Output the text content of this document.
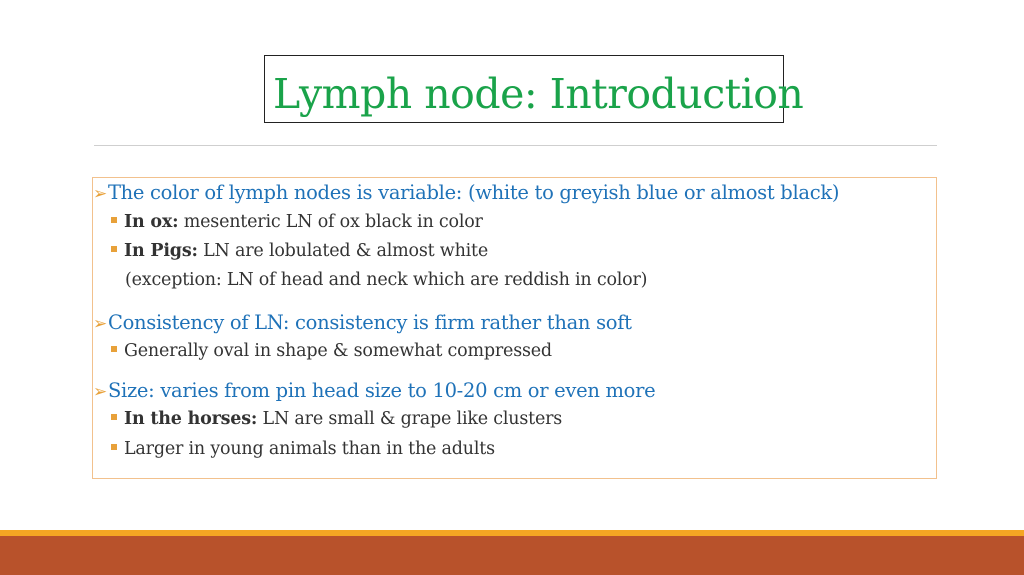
Lymph node: Introduction
➢The color of lymph nodes is variable: (white to greyish blue or almost black)
In ox: mesenteric LN of ox black in color
In Pigs: LN are lobulated & almost white
(exception: LN of head and neck which are reddish in color)
➢Consistency of LN: consistency is firm rather than soft
Generally oval in shape & somewhat compressed
➢Size: varies from pin head size to 10-20 cm or even more
In the horses: LN are small & grape like clusters
Larger in young animals than in the adults
